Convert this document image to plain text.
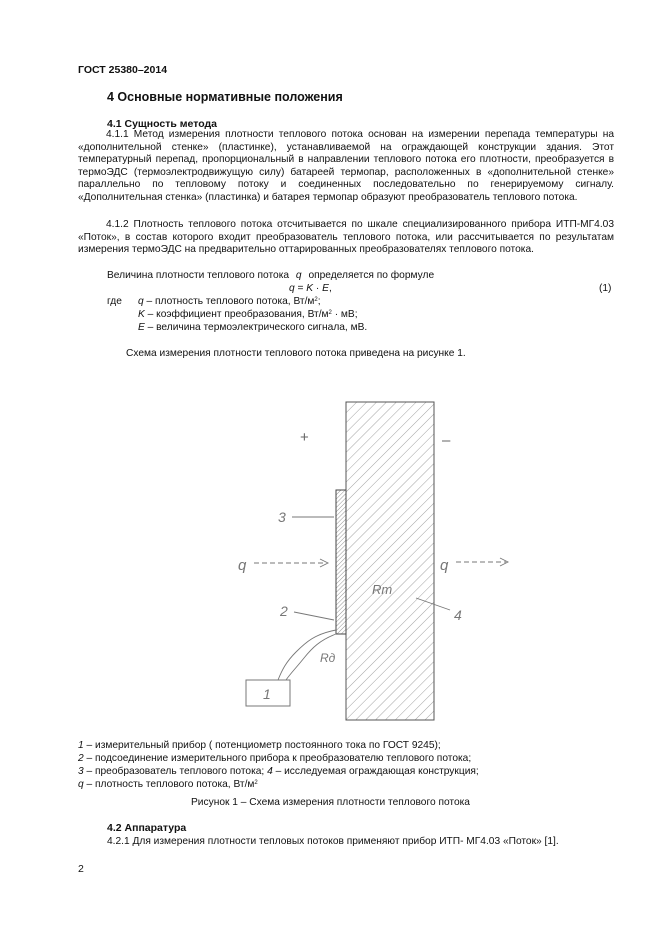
ГОСТ 25380–2014
4 Основные нормативные положения
4.1 Сущность метода
4.1.1 Метод измерения плотности теплового потока основан на измерении перепада температуры на «дополнительной стенке» (пластинке), устанавливаемой на ограждающей конструкции здания. Этот температурный перепад, пропорциональный в направлении теплового потока его плотности, преобразуется в термоЭДС (термоэлектродвижущую силу) батареей термопар, расположенных в «дополнительной стенке» параллельно по тепловому потоку и соединенных последовательно по генерируемому сигналу. «Дополнительная стенка» (пластинка) и батарея термопар образуют преобразователь теплового потока.
4.1.2 Плотность теплового потока отсчитывается по шкале специализированного прибора ИТП-МГ4.03 «Поток», в состав которого входит преобразователь теплового потока, или рассчитывается по результатам измерения термоЭДС на предварительно оттарированных преобразователях теплового потока.
Величина плотности теплового потока q определяется по формуле
q = K · E,	(1)
где q – плотность теплового потока, $Вт/м^2$;
K – коэффициент преобразования, $Вт/м^2$ · мВ;
E – величина термоэлектрического сигнала, мВ.
Схема измерения плотности теплового потока приведена на рисунке 1.
+	–
3
q	q
Rт
2	4
Rд
1
1 – измерительный прибор ( потенциометр постоянного тока по ГОСТ 9245);
2 – подсоединение измерительного прибора к преобразователю теплового потока;
3 – преобразователь теплового потока; 4 – исследуемая ограждающая конструкция;
q – плотность теплового потока, $Вт/м^2$
Рисунок 1 – Схема измерения плотности теплового потока
4.2 Аппаратура
4.2.1 Для измерения плотности тепловых потоков применяют прибор ИТП- МГ4.03 «Поток» [1].
2
